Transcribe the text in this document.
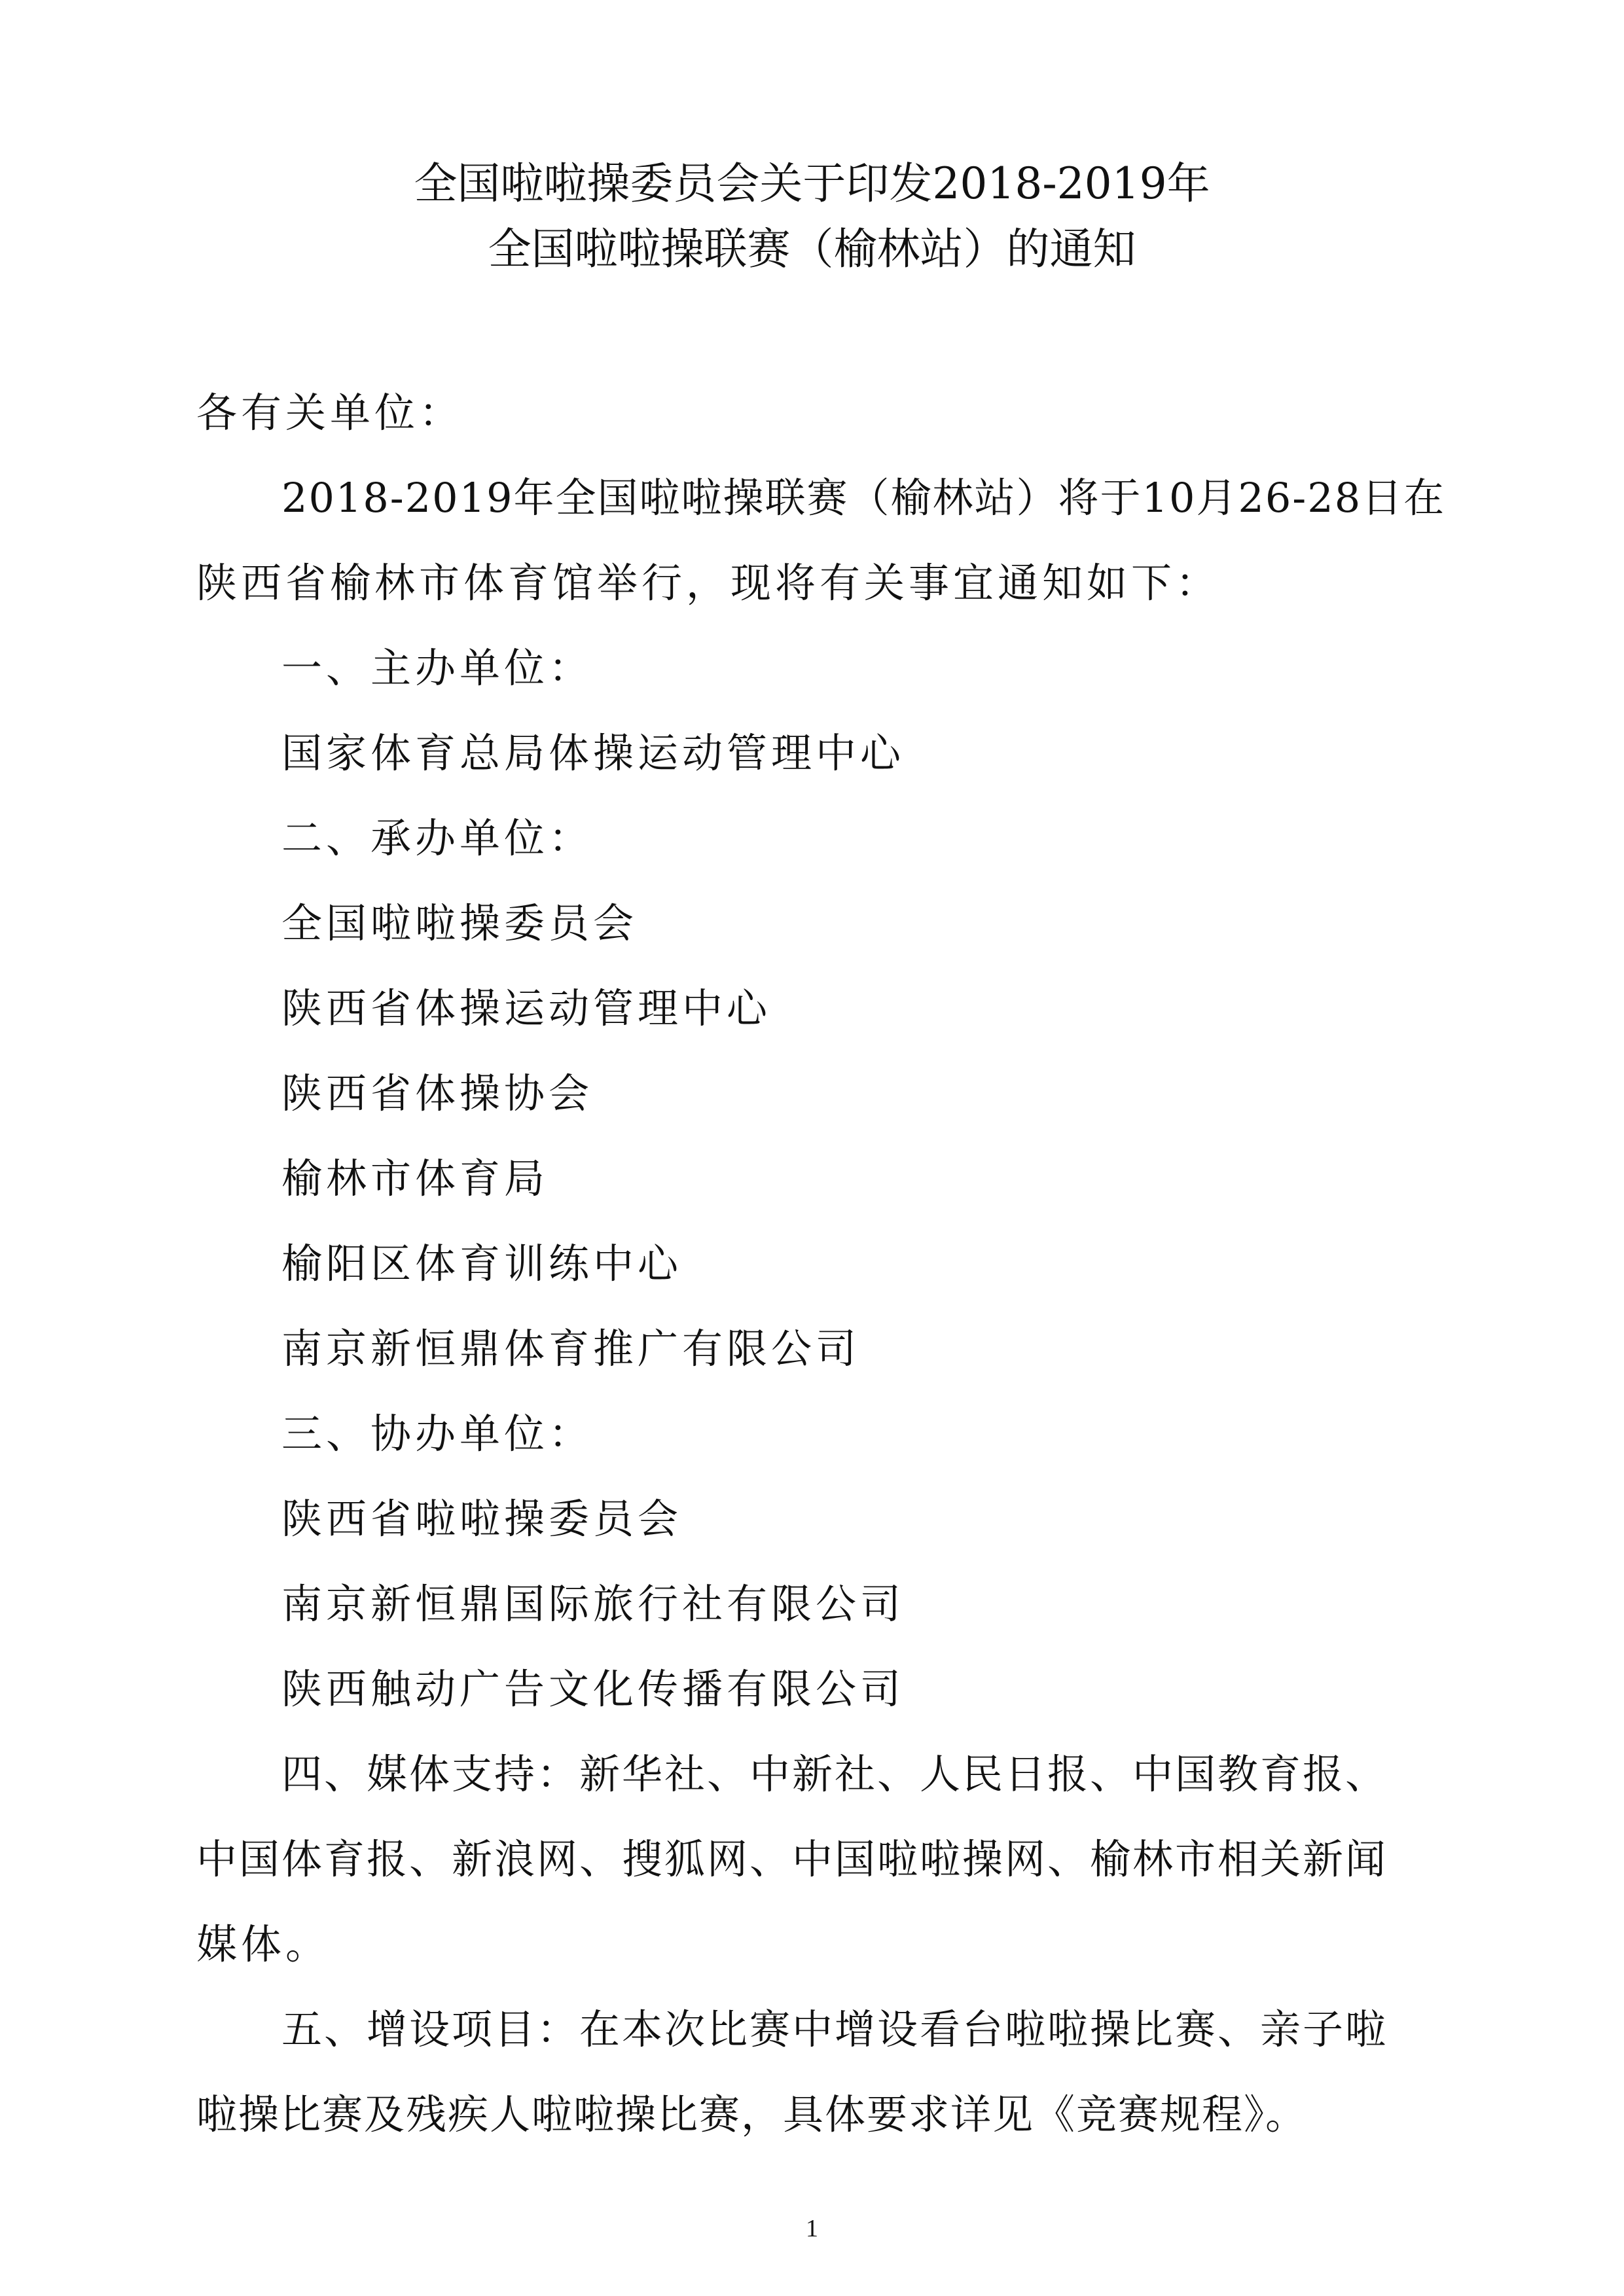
全国啦啦操委员会关于印发2018-2019年
全国啦啦操联赛（榆林站）的通知
各有关单位：
2018-2019年全国啦啦操联赛（榆林站）将于10月26-28日在
陕西省榆林市体育馆举行，现将有关事宜通知如下：
一、主办单位：
国家体育总局体操运动管理中心
二、承办单位：
全国啦啦操委员会
陕西省体操运动管理中心
陕西省体操协会
榆林市体育局
榆阳区体育训练中心
南京新恒鼎体育推广有限公司
三、协办单位：
陕西省啦啦操委员会
南京新恒鼎国际旅行社有限公司
陕西触动广告文化传播有限公司
四、媒体支持：新华社、中新社、人民日报、中国教育报、
中国体育报、新浪网、搜狐网、中国啦啦操网、榆林市相关新闻
媒体。
五、增设项目：在本次比赛中增设看台啦啦操比赛、亲子啦
啦操比赛及残疾人啦啦操比赛，具体要求详见《竞赛规程》。
1
